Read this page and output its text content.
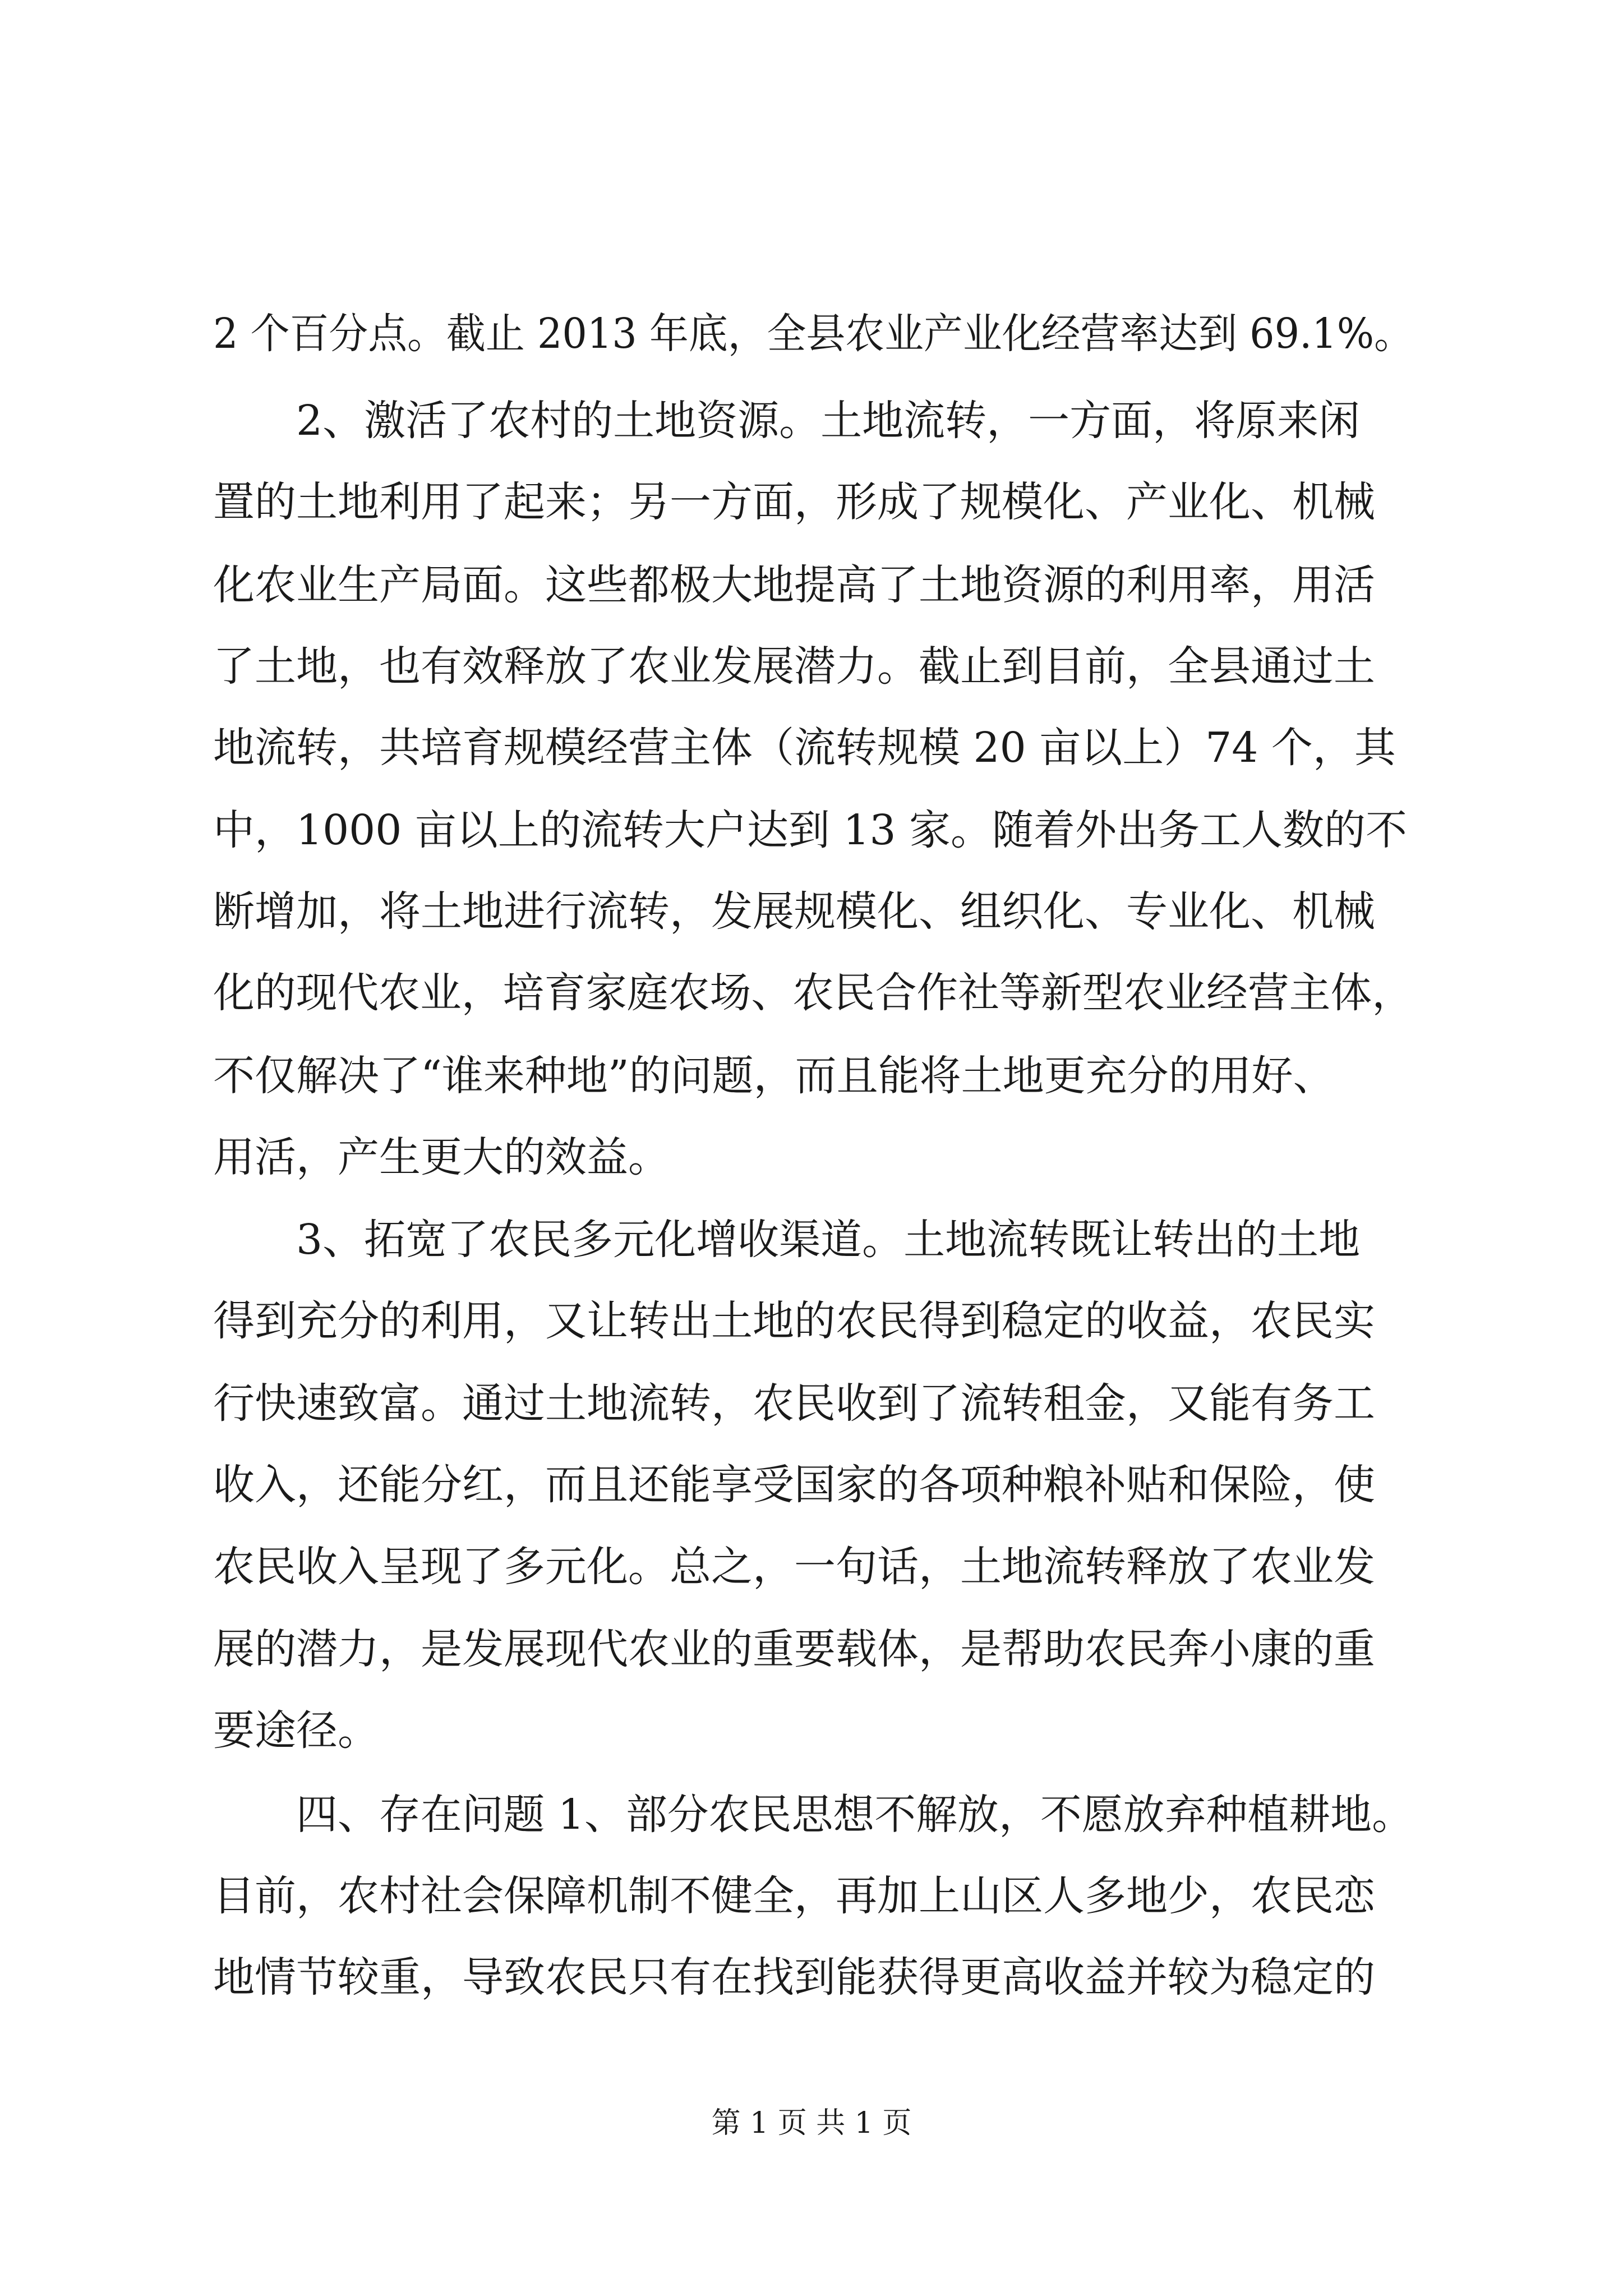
2 个百分点。截止 2013 年底，全县农业产业化经营率达到 69.1%。
2、激活了农村的土地资源。土地流转，一方面，将原来闲
置的土地利用了起来；另一方面，形成了规模化、产业化、机械
化农业生产局面。这些都极大地提高了土地资源的利用率，用活
了土地，也有效释放了农业发展潜力。截止到目前，全县通过土
地流转，共培育规模经营主体（流转规模 20 亩以上）74 个，其
中，1000 亩以上的流转大户达到 13 家。随着外出务工人数的不
断增加，将土地进行流转，发展规模化、组织化、专业化、机械
化的现代农业，培育家庭农场、农民合作社等新型农业经营主体，
不仅解决了“谁来种地”的问题，而且能将土地更充分的用好、
用活，产生更大的效益。
3、拓宽了农民多元化增收渠道。土地流转既让转出的土地
得到充分的利用，又让转出土地的农民得到稳定的收益，农民实
行快速致富。通过土地流转，农民收到了流转租金，又能有务工
收入，还能分红，而且还能享受国家的各项种粮补贴和保险，使
农民收入呈现了多元化。总之，一句话，土地流转释放了农业发
展的潜力，是发展现代农业的重要载体，是帮助农民奔小康的重
要途径。
四、存在问题 1、部分农民思想不解放，不愿放弃种植耕地。
目前，农村社会保障机制不健全，再加上山区人多地少，农民恋
地情节较重，导致农民只有在找到能获得更高收益并较为稳定的
第 1 页 共 1 页
